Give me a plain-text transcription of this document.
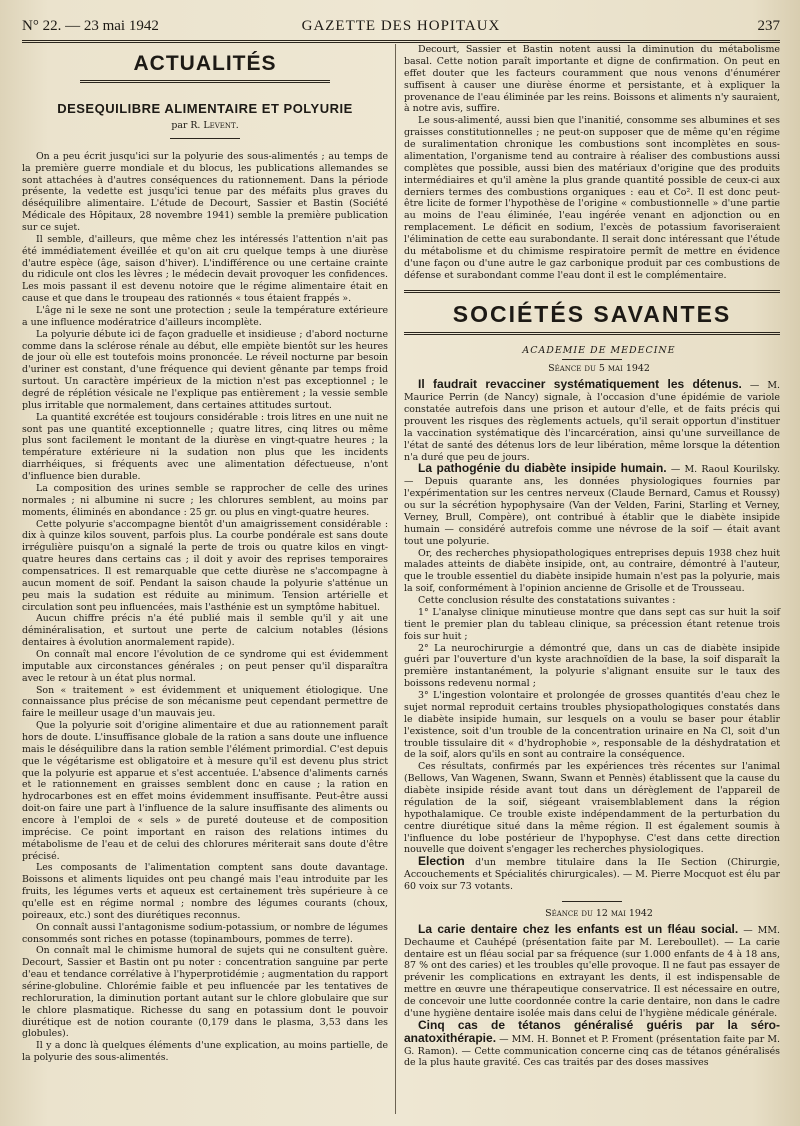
N° 22. — 23 mai 1942	GAZETTE DES HOPITAUX	237
ACTUALITÉS
DESEQUILIBRE ALIMENTAIRE ET POLYURIE

par R. Levent.

On a peu écrit jusqu'ici sur la polyurie des sous-alimentés ; au temps de la première guerre mondiale et du blocus, les publications allemandes se sont attachées à d'autres conséquences du rationnement. Dans la période présente, la vedette est jusqu'ici tenue par des méfaits plus graves du déséquilibre alimentaire. L'étude de Decourt, Sassier et Bastin (Société Médicale des Hôpitaux, 28 novembre 1941) semble la première publication sur ce sujet.

Il semble, d'ailleurs, que même chez les intéressés l'attention n'ait pas été immédiatement éveillée et qu'on ait cru quelque temps à une diurèse d'autre espèce (âge, saison d'hiver). L'indifférence ou une certaine crainte du ridicule ont clos les lèvres ; le médecin devait provoquer les confidences. Les mois passant il est devenu notoire que le régime alimentaire était en cause et que dans le troupeau des rationnés « tous étaient frappés ».

L'âge ni le sexe ne sont une protection ; seule la température extérieure a une influence modératrice d'ailleurs incomplète.

La polyurie débute ici de façon graduelle et insidieuse ; d'abord nocturne comme dans la sclérose rénale au début, elle empiète bientôt sur les heures de jour où elle est toutefois moins prononcée. Le réveil nocturne par besoin d'uriner est constant, d'une fréquence qui devient gênante par temps froid surtout. Un caractère impérieux de la miction n'est pas exceptionnel ; le degré de réplétion vésicale ne l'explique pas entièrement ; la vessie semble plus irritable que normalement, dans certaines attitudes surtout.

La quantité excrétée est toujours considérable : trois litres en une nuit ne sont pas une quantité exceptionnelle ; quatre litres, cinq litres ou même plus sont facilement le montant de la diurèse en vingt-quatre heures ; la température extérieure ni la sudation non plus que les incidents diarrhéiques, si fréquents avec une alimentation défectueuse, n'ont d'influence bien durable.

La composition des urines semble se rapprocher de celle des urines normales ; ni albumine ni sucre ; les chlorures semblent, au moins par moments, éliminés en abondance : 25 gr. ou plus en vingt-quatre heures.

Cette polyurie s'accompagne bientôt d'un amaigrissement considérable : dix à quinze kilos souvent, parfois plus. La courbe pondérale est sans doute irrégulière puisqu'on a signalé la perte de trois ou quatre kilos en vingt-quatre heures dans certains cas ; il doit y avoir des reprises temporaires compensatrices. Il est remarquable que cette diurèse ne s'accompagne à aucun moment de soif. Pendant la saison chaude la polyurie s'atténue un peu mais la sudation est réduite au minimum. Tension artérielle et circulation sont peu influencées, mais l'asthénie est un symptôme habituel.

Aucun chiffre précis n'a été publié mais il semble qu'il y ait une déminéralisation, et surtout une perte de calcium notables (lésions dentaires à évolution anormalement rapide).

On connaît mal encore l'évolution de ce syndrome qui est évidemment imputable aux circonstances générales ; on peut penser qu'il disparaîtra avec le retour à un état plus normal.

Son « traitement » est évidemment et uniquement étiologique. Une connaissance plus précise de son mécanisme peut cependant permettre de faire le meilleur usage d'un mauvais jeu.

Que la polyurie soit d'origine alimentaire et due au rationnement paraît hors de doute. L'insuffisance globale de la ration a sans doute une influence mais le déséquilibre dans la ration semble l'élément primordial. C'est depuis que le végétarisme est obligatoire et à mesure qu'il est devenu plus strict que la polyurie est apparue et s'est accentuée. L'absence d'aliments carnés et le rationnement en graisses semblent donc en cause ; la ration en hydrocarbones est en effet moins évidemment insuffisante. Peut-être aussi doit-on faire une part à l'influence de la salure insuffisante des aliments ou encore à l'emploi de « sels » de pureté douteuse et de composition imprécise. Ce point important en raison des relations intimes du métabolisme de l'eau et de celui des chlorures mériterait sans doute d'être précisé.

Les composants de l'alimentation comptent sans doute davantage. Boissons et aliments liquides ont peu changé mais l'eau introduite par les fruits, les légumes verts et aqueux est certainement très supérieure à ce qu'elle est en régime normal ; nombre des légumes courants (choux, poireaux, etc.) sont des diurétiques reconnus.

On connaît aussi l'antagonisme sodium-potassium, or nombre de légumes consommés sont riches en potasse (topinambours, pommes de terre).

On connaît mal le chimisme humoral de sujets qui ne consultent guère. Decourt, Sassier et Bastin ont pu noter : concentration sanguine par perte d'eau et tendance corrélative à l'hyperprotidémie ; augmentation du rapport sérine-globuline. Chlorémie faible et peu influencée par les tentatives de rechloruration, la diminution portant autant sur le chlore globulaire que sur le chlore plasmatique. Richesse du sang en potassium dont le pouvoir diurétique est de notion courante (0,179 dans le plasma, 3,53 dans les globules).

Il y a donc là quelques éléments d'une explication, au moins partielle, de la polyurie des sous-alimentés.

Decourt, Sassier et Bastin notent aussi la diminution du métabolisme basal. Cette notion paraît importante et digne de confirmation. On peut en effet douter que les facteurs couramment que nous venons d'énumérer suffisent à causer une diurèse énorme et persistante, et à expliquer la provenance de l'eau éliminée par les reins. Boissons et aliments n'y sauraient, à notre avis, suffire.

Le sous-alimenté, aussi bien que l'inanitié, consomme ses albumines et ses graisses constitutionnelles ; ne peut-on supposer que de même qu'en régime de suralimentation chronique les combustions sont incomplètes en sous-alimentation, l'organisme tend au contraire à réaliser des combustions aussi complètes que possible, aussi bien des matériaux d'origine que des produits intermédiaires et qu'il amène la plus grande quantité possible de ceux-ci aux derniers termes des combustions organiques : eau et Co². Il est donc peut-être licite de former l'hypothèse de l'origine « combustionnelle » d'une partie au moins de l'eau éliminée, l'eau ingérée venant en adjonction ou en remplacement. Le déficit en sodium, l'excès de potassium favoriseraient l'élimination de cette eau surabondante. Il serait donc intéressant que l'étude du métabolisme et du chimisme respiratoire permît de mettre en évidence d'une façon ou d'une autre le gaz carbonique produit par ces combustions de défense et surabondant comme l'eau dont il est le complémentaire.

SOCIÉTÉS SAVANTES

ACADEMIE DE MEDECINE

Séance du 5 mai 1942

Il faudrait revacciner systématiquement les détenus. — M. Maurice Perrin (de Nancy) signale, à l'occasion d'une épidémie de variole constatée autrefois dans une prison et autour d'elle, et de faits précis qui prouvent les risques des règlements actuels, qu'il serait opportun d'instituer la vaccination systématique dès l'incarcération, ainsi qu'une surveillance de l'état de santé des détenus lors de leur libération, même lorsque la détention n'a duré que peu de jours.

La pathogénie du diabète insipide humain. — M. Raoul Kourilsky. — Depuis quarante ans, les données physiologiques fournies par l'expérimentation sur les centres nerveux (Claude Bernard, Camus et Roussy) ou sur la sécrétion hypophysaire (Van der Velden, Farini, Starling et Verney, Verney, Brull, Compère), ont contribué à établir que le diabète insipide humain — considéré autrefois comme une névrose de la soif — était avant tout une polyurie.

Or, des recherches physiopathologiques entreprises depuis 1938 chez huit malades atteints de diabète insipide, ont, au contraire, démontré à l'auteur, que le trouble essentiel du diabète insipide humain n'est pas la polyurie, mais la soif, conformément à l'opinion ancienne de Grisolle et de Trousseau.

Cette conclusion résulte des constatations suivantes :

1° L'analyse clinique minutieuse montre que dans sept cas sur huit la soif tient le premier plan du tableau clinique, sa précession étant retenue trois fois sur huit ;

2° La neurochirurgie a démontré que, dans un cas de diabète insipide guéri par l'ouverture d'un kyste arachnoïdien de la base, la soif disparaît la première instantanément, la polyurie s'alignant ensuite sur le taux des boissons redevenu normal ;

3° L'ingestion volontaire et prolongée de grosses quantités d'eau chez le sujet normal reproduit certains troubles physiopathologiques constatés dans le diabète insipide humain, sur lesquels on a voulu se baser pour établir l'existence, soit d'un trouble de la concentration urinaire en Na Cl, soit d'un trouble tissulaire dit « d'hydrophobie », responsable de la déshydratation et de la soif, alors qu'ils en sont au contraire la conséquence.

Ces résultats, confirmés par les expériences très récentes sur l'animal (Bellows, Van Wagenen, Swann, Swann et Pennès) établissent que la cause du diabète insipide réside avant tout dans un dérèglement de l'appareil de régulation de la soif, siégeant vraisemblablement dans la région hypothalamique. Ce trouble existe indépendamment de la perturbation du centre diurétique situé dans la même région. Il est également soumis à l'influence du lobe postérieur de l'hypophyse. C'est dans cette direction nouvelle que doivent s'engager les recherches physiologiques.

Election d'un membre titulaire dans la IIe Section (Chirurgie, Accouchements et Spécialités chirurgicales). — M. Pierre Mocquot est élu par 60 voix sur 73 votants.

Séance du 12 mai 1942

La carie dentaire chez les enfants est un fléau social. — MM. Dechaume et Cauhépé (présentation faite par M. Lereboullet). — La carie dentaire est un fléau social par sa fréquence (sur 1.000 enfants de 4 à 18 ans, 87 % ont des caries) et les troubles qu'elle provoque. Il ne faut pas essayer de prévenir les complications en extrayant les dents, il est indispensable de mettre en œuvre une thérapeutique conservatrice. Il est nécessaire en outre, de concevoir une lutte coordonnée contre la carie dentaire, non dans le cadre d'une hygiène dentaire isolée mais dans celui de l'hygiène médicale générale.

Cinq cas de tétanos généralisé guéris par la séro-anatoxithérapie. — MM. H. Bonnet et P. Froment (présentation faite par M. G. Ramon). — Cette communication concerne cinq cas de tétanos généralisés de la plus haute gravité. Ces cas traités par des doses massives
